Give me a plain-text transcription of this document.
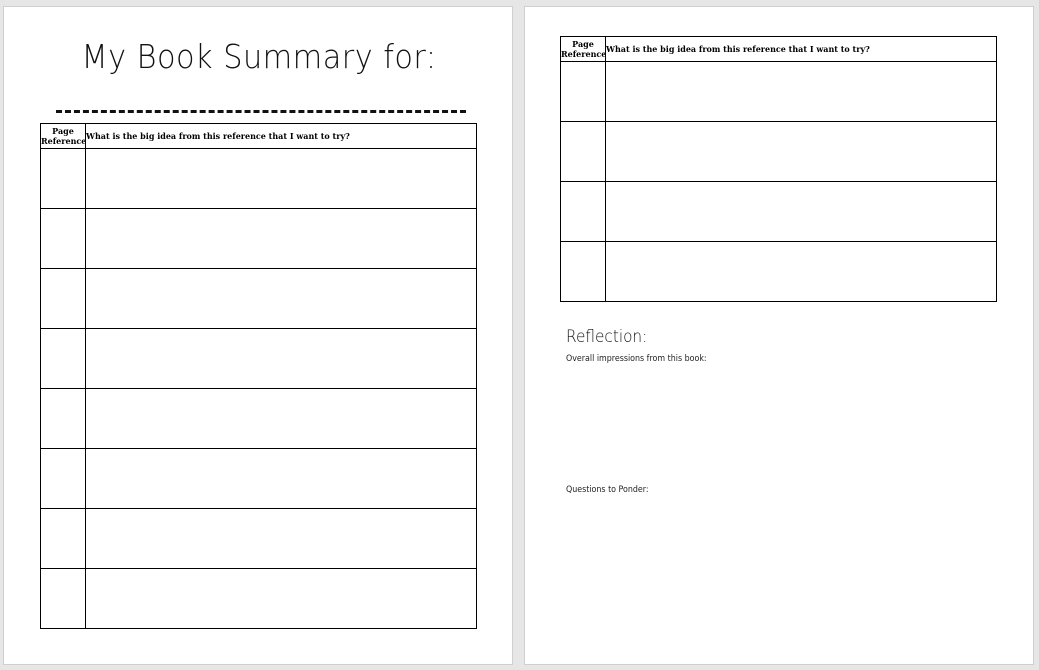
My Book Summary for:
Page Reference	What is the big idea from this reference that I want to try?

Page Reference	What is the big idea from this reference that I want to try?

Reflection:
Overall impressions from this book:
Questions to Ponder:
